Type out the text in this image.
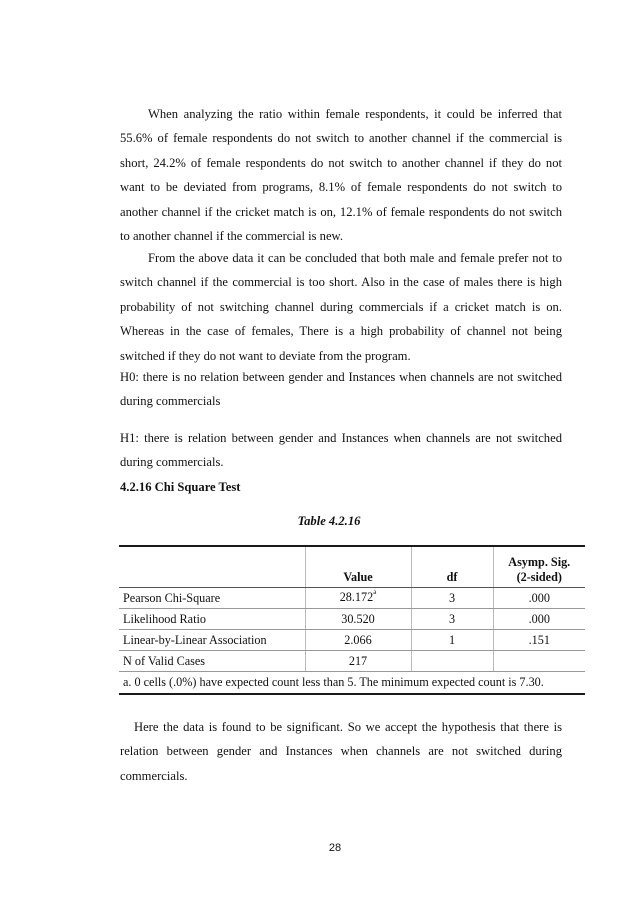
When analyzing the ratio within female respondents, it could be inferred that 55.6% of female respondents do not switch to another channel if the commercial is short, 24.2% of female respondents do not switch to another channel if they do not want to be deviated from programs, 8.1% of female respondents do not switch to another channel if the cricket match is on, 12.1% of female respondents do not switch to another channel if the commercial is new.

From the above data it can be concluded that both male and female prefer not to switch channel if the commercial is too short. Also in the case of males there is high probability of not switching channel during commercials if a cricket match is on. Whereas in the case of females, There is a high probability of channel not being switched if they do not want to deviate from the program.

H0: there is no relation between gender and Instances when channels are not switched during commercials

H1: there is relation between gender and Instances when channels are not switched during commercials.

4.2.16 Chi Square Test
Table 4.2.16
	Value	df	Asymp. Sig.
(2-sided)
Pearson Chi-Square	28.172$^a$	3	.000
Likelihood Ratio	30.520	3	.000
Linear-by-Linear Association	2.066	1	.151
N of Valid Cases	217		
a. 0 cells (.0%) have expected count less than 5. The minimum expected count is 7.30.			

Here the data is found to be significant. So we accept the hypothesis that there is relation between gender and Instances when channels are not switched during commercials.

28
